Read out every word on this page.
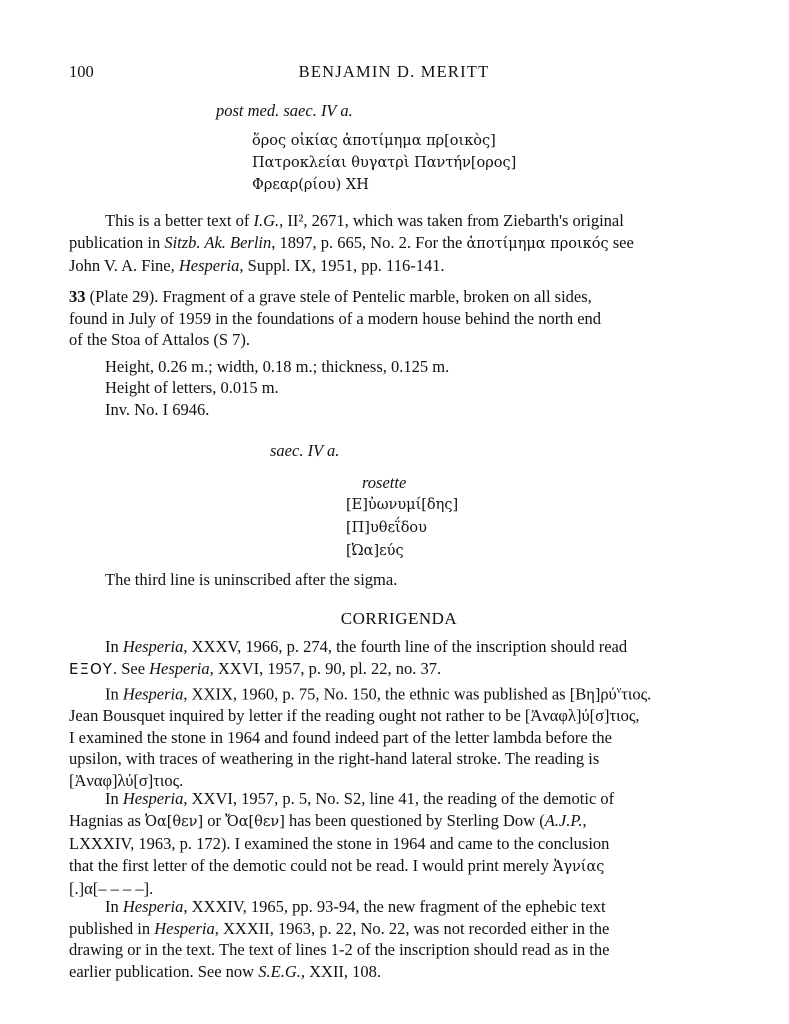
100	BENJAMIN D. MERITT
post med. saec. IV a.
ὅρος οἰκίας ἀποτίμημα πρ[οικὸς]
Πατροκλείαι θυγατρὶ Παντήν[ορος]
Φρεαρ(ρίου) ΧΗ
This is a better text of I.G., II², 2671, which was taken from Ziebarth's original
publication in Sitzb. Ak. Berlin, 1897, p. 665, No. 2. For the ἀποτίμημα προικός see
John V. A. Fine, Hesperia, Suppl. IX, 1951, pp. 116-141.
33 (Plate 29). Fragment of a grave stele of Pentelic marble, broken on all sides,
found in July of 1959 in the foundations of a modern house behind the north end
of the Stoa of Attalos (S 7).
Height, 0.26 m.; width, 0.18 m.; thickness, 0.125 m.
Height of letters, 0.015 m.
Inv. No. I 6946.
saec. IV a.
rosette
[Ε]ὐωνυμί[δης]
[Π]υθεΐδου
[Ὠα]εύς
The third line is uninscribed after the sigma.
CORRIGENDA
In Hesperia, XXXV, 1966, p. 274, the fourth line of the inscription should read
ΕΞΟΥ. See Hesperia, XXVI, 1957, p. 90, pl. 22, no. 37.
In Hesperia, XXIX, 1960, p. 75, No. 150, the ethnic was published as $[B\eta]\rho ύ^\nu\tau\iota o\varsigma$.
Jean Bousquet inquired by letter if the reading ought not rather to be [Ἀναφλ]ύ[σ]τιος,
I examined the stone in 1964 and found indeed part of the letter lambda before the
upsilon, with traces of weathering in the right-hand lateral stroke. The reading is
[Ἀναφ]λύ[σ]τιος.
In Hesperia, XXVI, 1957, p. 5, No. S2, line 41, the reading of the demotic of
Hagnias as Ὀα[θεν] or Ὄα[θεν] has been questioned by Sterling Dow (A.J.P.,
LXXXIV, 1963, p. 172). I examined the stone in 1964 and came to the conclusion
that the first letter of the demotic could not be read. I would print merely Ἁγνίας
[.]α[– – – –].
In Hesperia, XXXIV, 1965, pp. 93-94, the new fragment of the ephebic text
published in Hesperia, XXXII, 1963, p. 22, No. 22, was not recorded either in the
drawing or in the text. The text of lines 1-2 of the inscription should read as in the
earlier publication. See now S.E.G., XXII, 108.
